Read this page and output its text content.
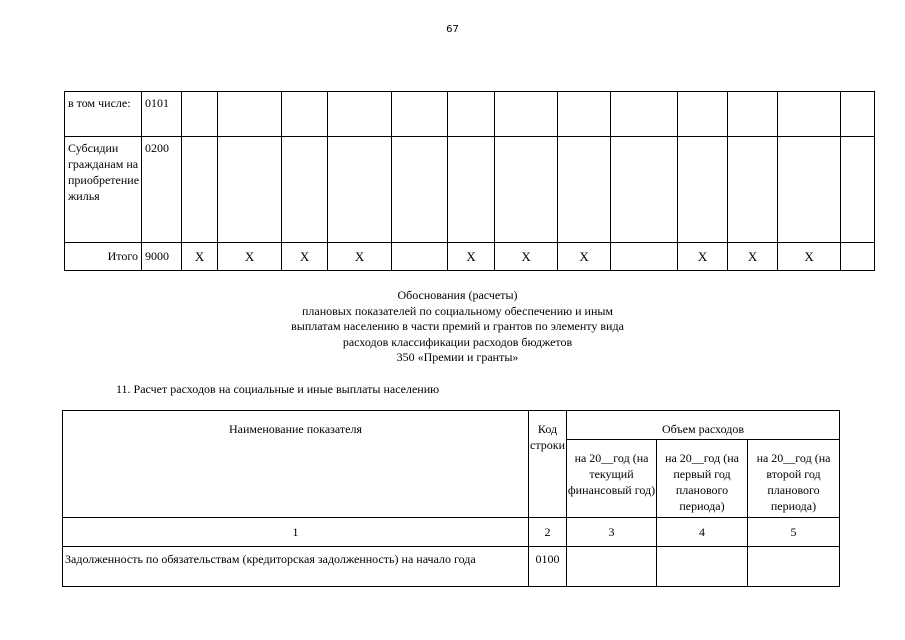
67
в том числе:	0101													
Субсидии гражданам на приобретение жилья	0200													
Итого	9000	X	X	X	X		X	X	X		X	X	X	
Обоснования (расчеты)
плановых показателей по социальному обеспечению и иным
выплатам населению в части премий и грантов по элементу вида
расходов классификации расходов бюджетов
350 «Премии и гранты»
11. Расчет расходов на социальные и иные выплаты населению
Наименование показателя	Код строки	Объем расходов		
		на 20__год (на текущий финансовый год)	на 20__год (на первый год планового периода)	на 20__год (на второй год планового периода)
1	2	3	4	5
Задолженность по обязательствам (кредиторская задолженность) на начало года	0100			
